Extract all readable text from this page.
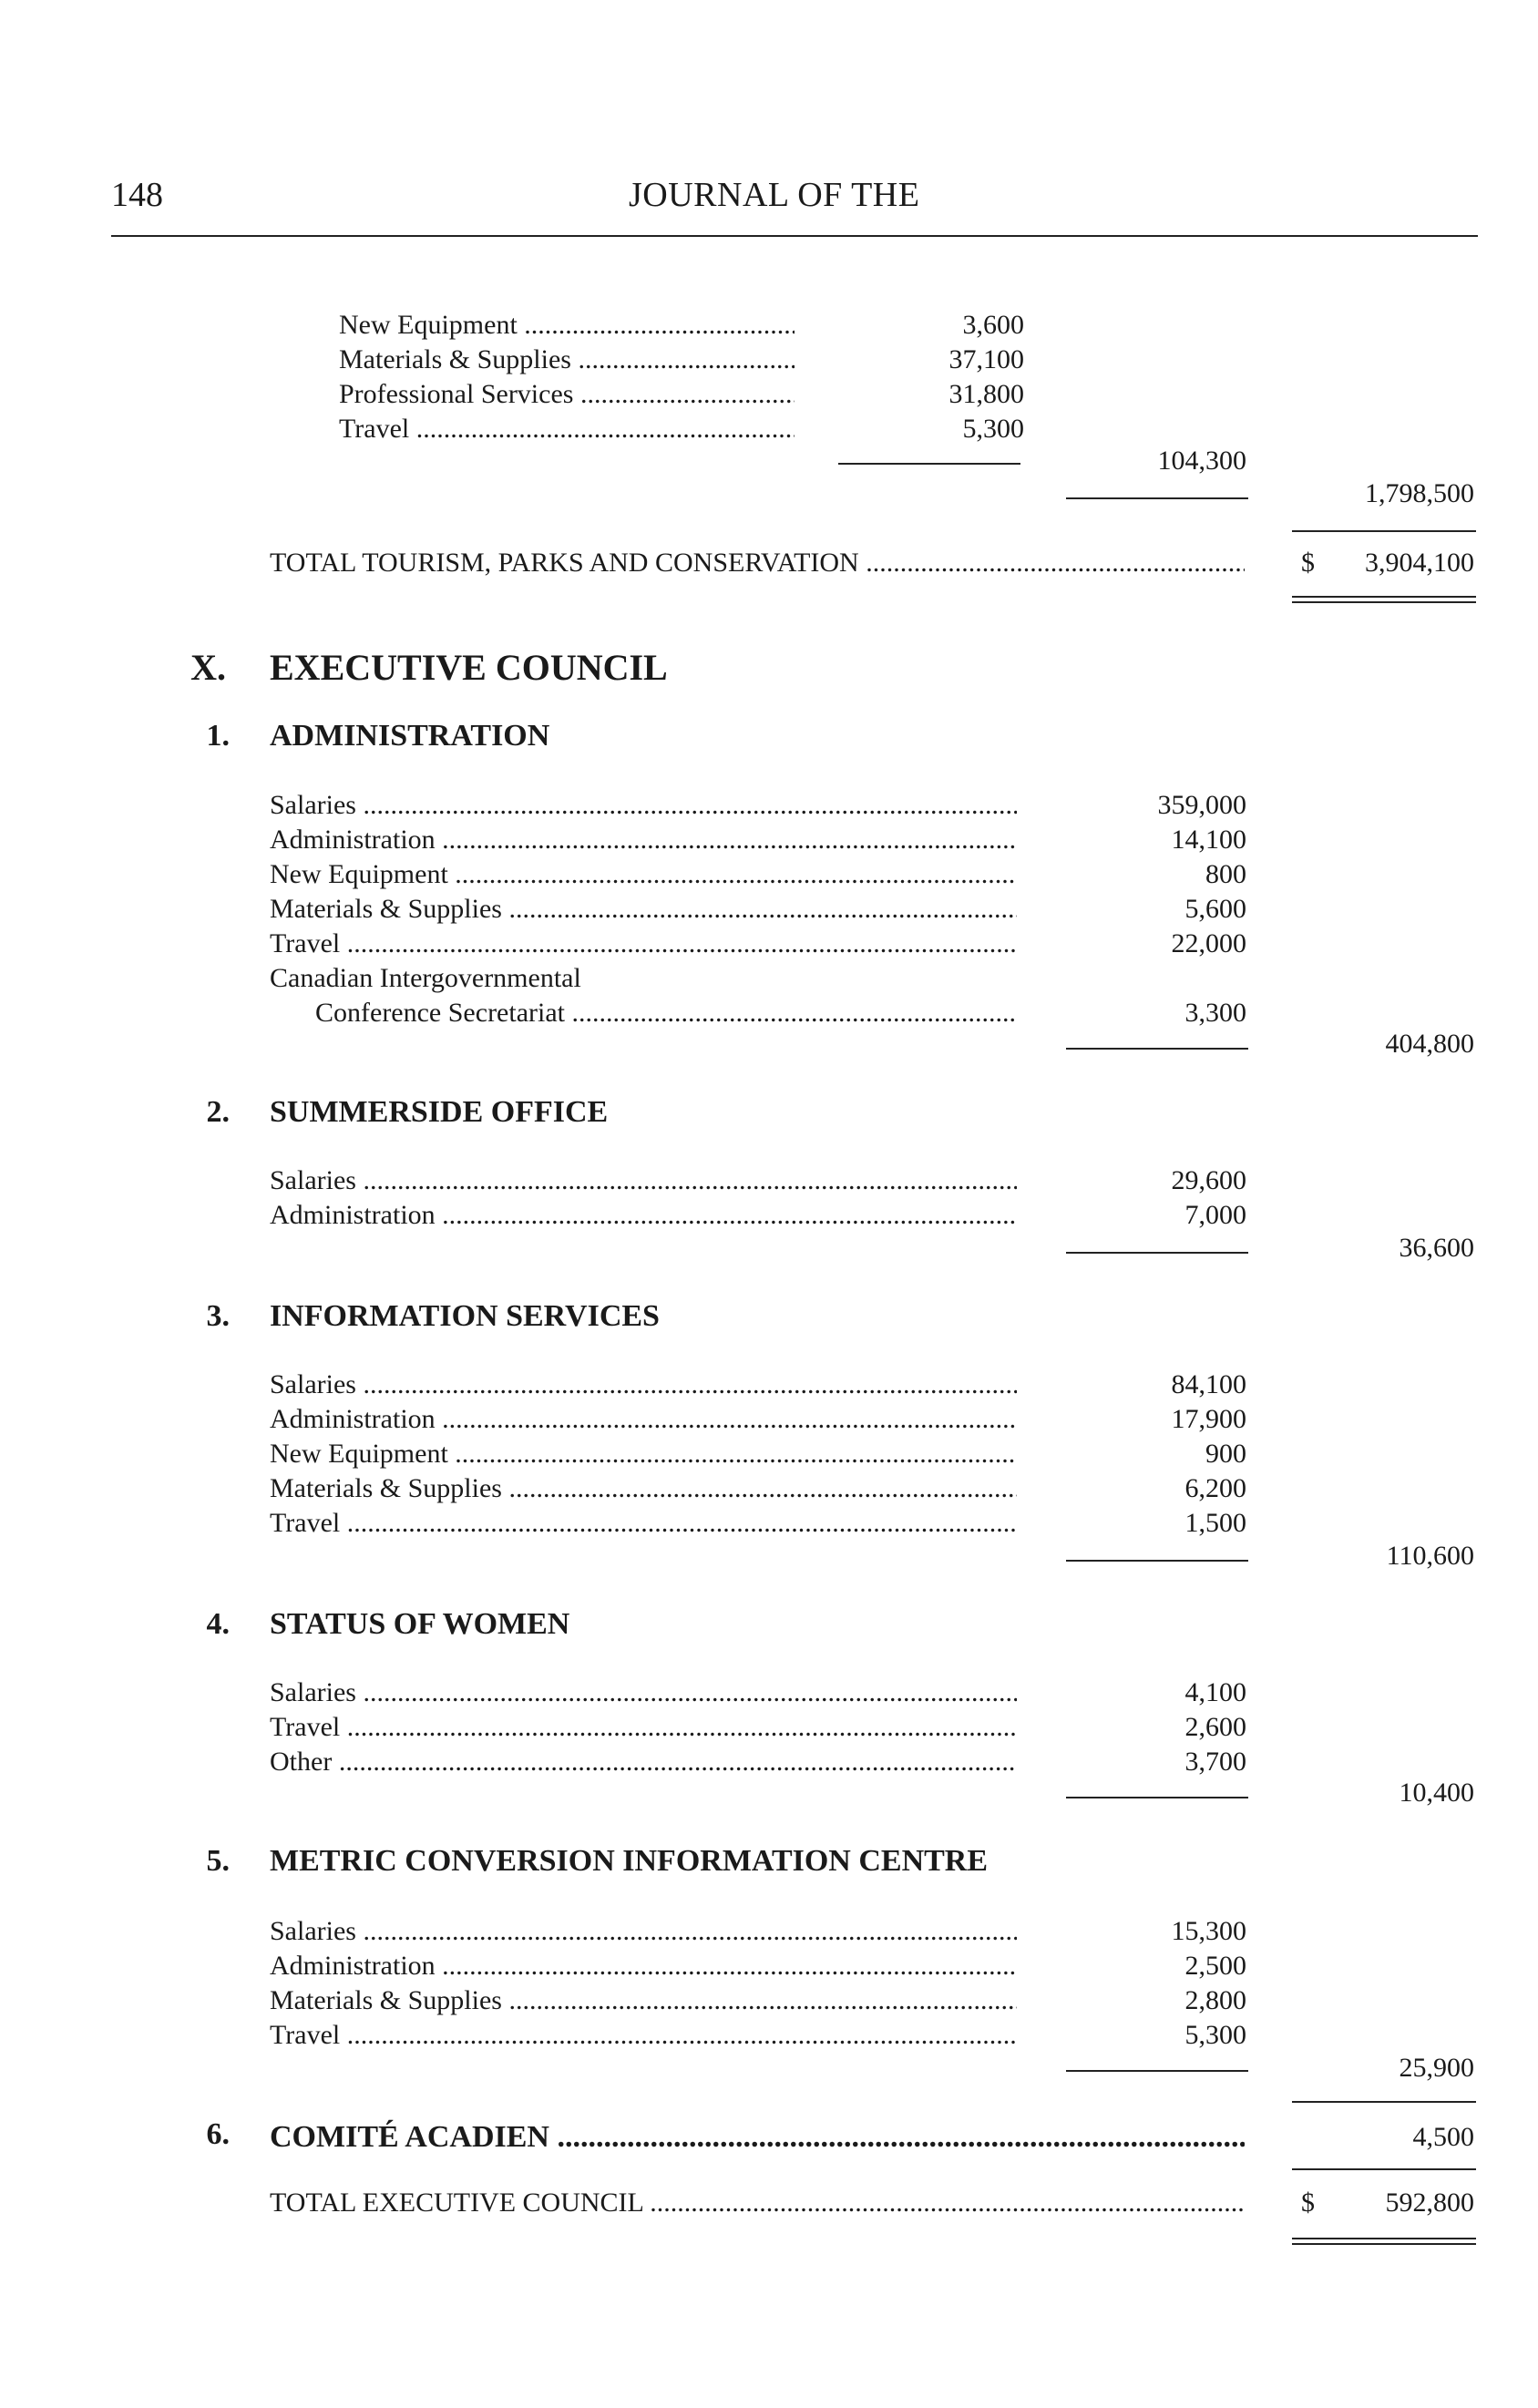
148	JOURNAL OF THE
New Equipment .....	3,600
Materials & Supplies .....	37,100
Professional Services .....	31,800
Travel .....	5,300
104,300
1,798,500
TOTAL TOURISM, PARKS AND CONSERVATION .....	$	3,904,100
X. EXECUTIVE COUNCIL
1. ADMINISTRATION
Salaries .....	359,000
Administration .....	14,100
New Equipment .....	800
Materials & Supplies .....	5,600
Travel .....	22,000
Canadian Intergovernmental
Conference Secretariat .....	3,300
404,800
2. SUMMERSIDE OFFICE
Salaries .....	29,600
Administration .....	7,000
36,600
3. INFORMATION SERVICES
Salaries .....	84,100
Administration .....	17,900
New Equipment .....	900
Materials & Supplies .....	6,200
Travel .....	1,500
110,600
4. STATUS OF WOMEN
Salaries .....	4,100
Travel .....	2,600
Other .....	3,700
10,400
5. METRIC CONVERSION INFORMATION CENTRE
Salaries .....	15,300
Administration .....	2,500
Materials & Supplies .....	2,800
Travel .....	5,300
25,900
6. COMITÉ ACADIEN .....	4,500
TOTAL EXECUTIVE COUNCIL .....	$	592,800
